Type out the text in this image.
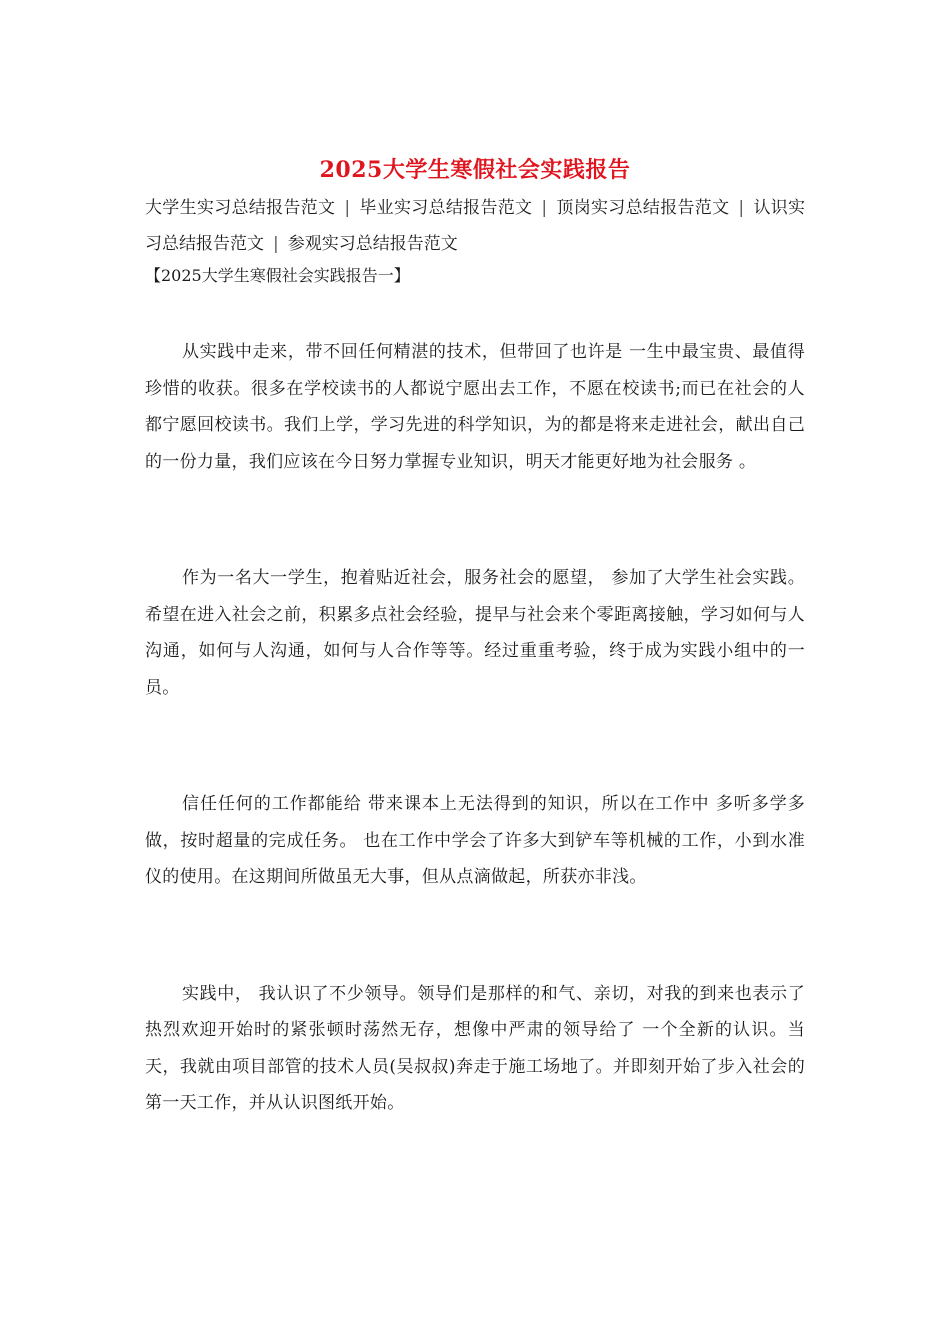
2025大学生寒假社会实践报告

大学生实习总结报告范文 | 毕业实习总结报告范文 | 顶岗实习总结报告范文 | 认识实习总结报告范文 | 参观实习总结报告范文

【2025大学生寒假社会实践报告一】

从实践中走来，带不回任何精湛的技术，但带回了也许是 一生中最宝贵、最值得珍惜的收获。很多在学校读书的人都说宁愿出去工作，不愿在校读书;而已在社会的人都宁愿回校读书。我们上学，学习先进的科学知识，为的都是将来走进社会，献出自己的一份力量，我们应该在今日努力掌握专业知识，明天才能更好地为社会服务 。

作为一名大一学生，抱着贴近社会，服务社会的愿望， 参加了大学生社会实践。希望在进入社会之前，积累多点社会经验，提早与社会来个零距离接触，学习如何与人沟通，如何与人沟通，如何与人合作等等。经过重重考验，终于成为实践小组中的一员。

信任任何的工作都能给 带来课本上无法得到的知识，所以在工作中 多听多学多做，按时超量的完成任务。 也在工作中学会了许多大到铲车等机械的工作，小到水准仪的使用。在这期间所做虽无大事，但从点滴做起，所获亦非浅。

实践中， 我认识了不少领导。领导们是那样的和气、亲切，对我的到来也表示了热烈欢迎开始时的紧张顿时荡然无存，想像中严肃的领导给了 一个全新的认识。当天，我就由项目部管的技术人员(吴叔叔)奔走于施工场地了。并即刻开始了步入社会的第一天工作，并从认识图纸开始。
